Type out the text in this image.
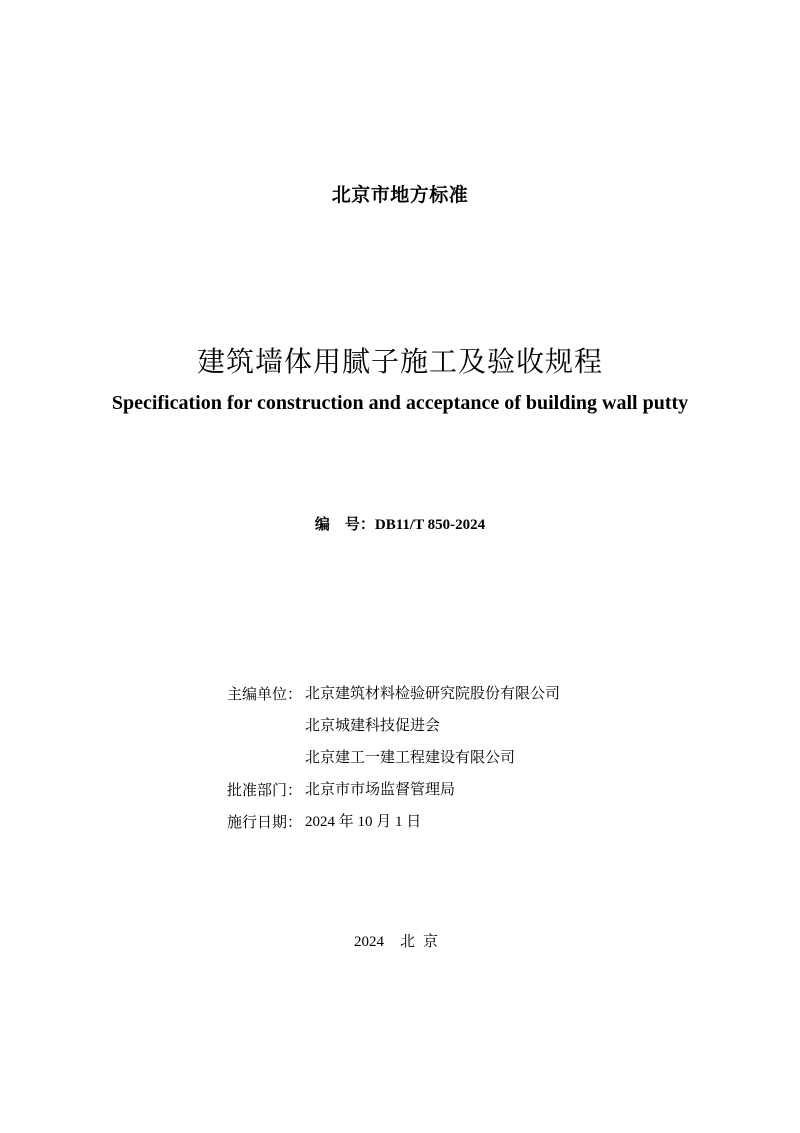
北京市地方标准
建筑墙体用腻子施工及验收规程
Specification for construction and acceptance of building wall putty
编　号：DB11/T 850-2024
主编单位： 北京建筑材料检验研究院股份有限公司
北京城建科技促进会
北京建工一建工程建设有限公司
批准部门： 北京市市场监督管理局
施行日期： 2024 年 10 月 1 日
2024 北京
